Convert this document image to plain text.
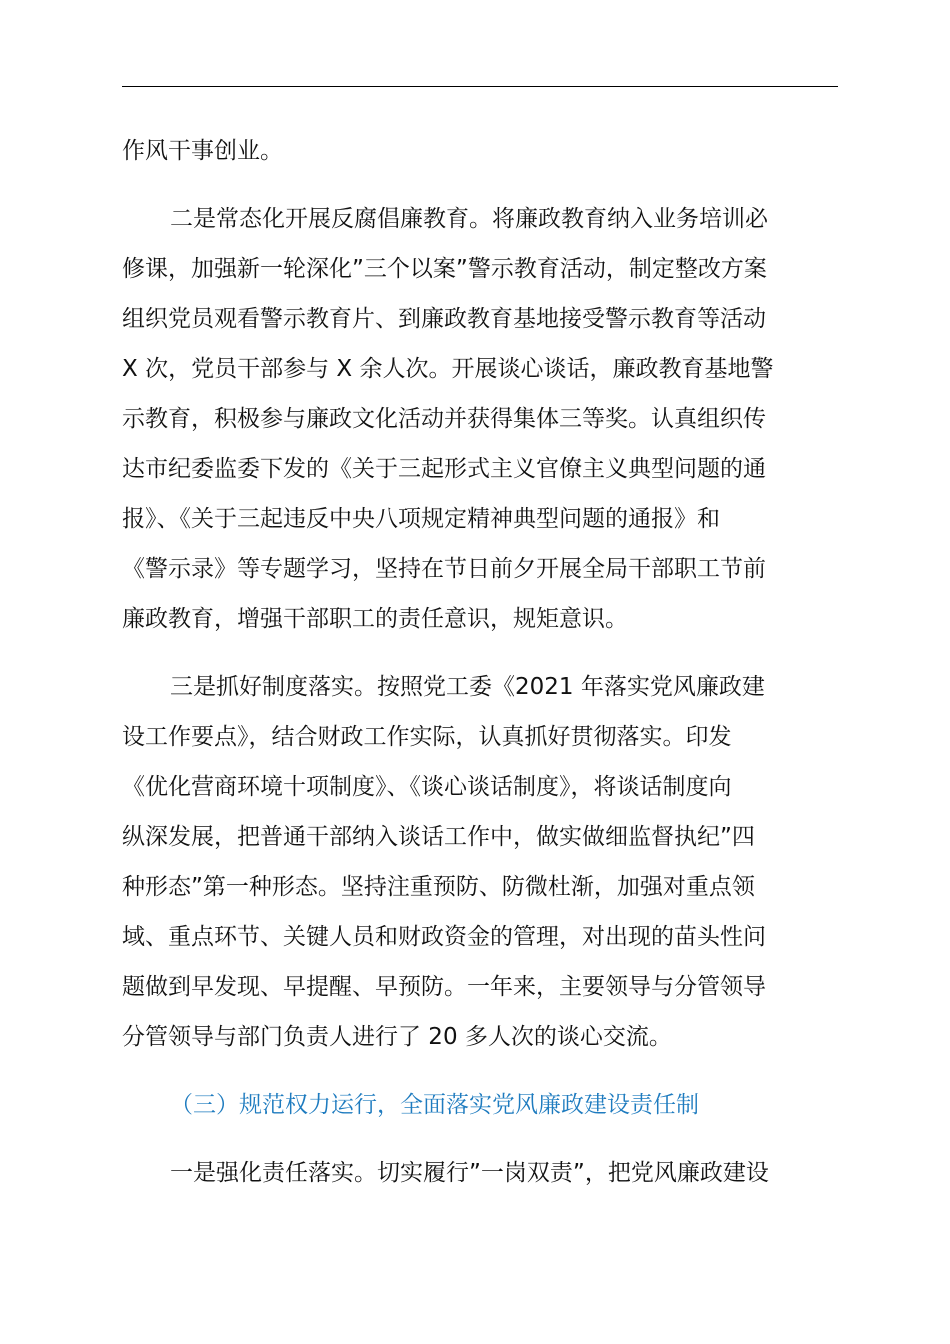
作风干事创业。
二是常态化开展反腐倡廉教育。将廉政教育纳入业务培训必
修课，加强新一轮深化”三个以案”警示教育活动，制定整改方案
组织党员观看警示教育片、到廉政教育基地接受警示教育等活动
X 次，党员干部参与 X 余人次。开展谈心谈话，廉政教育基地警
示教育，积极参与廉政文化活动并获得集体三等奖。认真组织传
达市纪委监委下发的《关于三起形式主义官僚主义典型问题的通
报》、《关于三起违反中央八项规定精神典型问题的通报》和
《警示录》等专题学习，坚持在节日前夕开展全局干部职工节前
廉政教育，增强干部职工的责任意识，规矩意识。
三是抓好制度落实。按照党工委《2021 年落实党风廉政建
设工作要点》，结合财政工作实际，认真抓好贯彻落实。印发
《优化营商环境十项制度》、《谈心谈话制度》，将谈话制度向
纵深发展，把普通干部纳入谈话工作中，做实做细监督执纪”四
种形态”第一种形态。坚持注重预防、防微杜渐，加强对重点领
域、重点环节、关键人员和财政资金的管理，对出现的苗头性问
题做到早发现、早提醒、早预防。一年来，主要领导与分管领导
分管领导与部门负责人进行了 20 多人次的谈心交流。
（三）规范权力运行，全面落实党风廉政建设责任制
一是强化责任落实。切实履行”一岗双责”，把党风廉政建设
